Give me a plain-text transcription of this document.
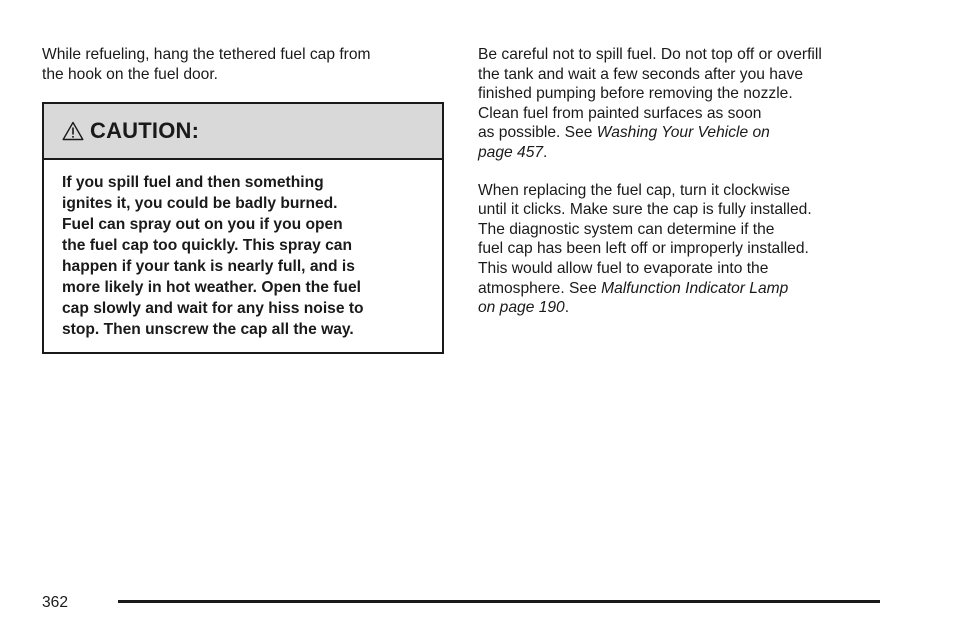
While refueling, hang the tethered fuel cap from
the hook on the fuel door.

CAUTION:
If you spill fuel and then something
ignites it, you could be badly burned.
Fuel can spray out on you if you open
the fuel cap too quickly. This spray can
happen if your tank is nearly full, and is
more likely in hot weather. Open the fuel
cap slowly and wait for any hiss noise to
stop. Then unscrew the cap all the way.

Be careful not to spill fuel. Do not top off or overfill
the tank and wait a few seconds after you have
finished pumping before removing the nozzle.
Clean fuel from painted surfaces as soon
as possible. See Washing Your Vehicle on
page 457.

When replacing the fuel cap, turn it clockwise
until it clicks. Make sure the cap is fully installed.
The diagnostic system can determine if the
fuel cap has been left off or improperly installed.
This would allow fuel to evaporate into the
atmosphere. See Malfunction Indicator Lamp
on page 190.

362
